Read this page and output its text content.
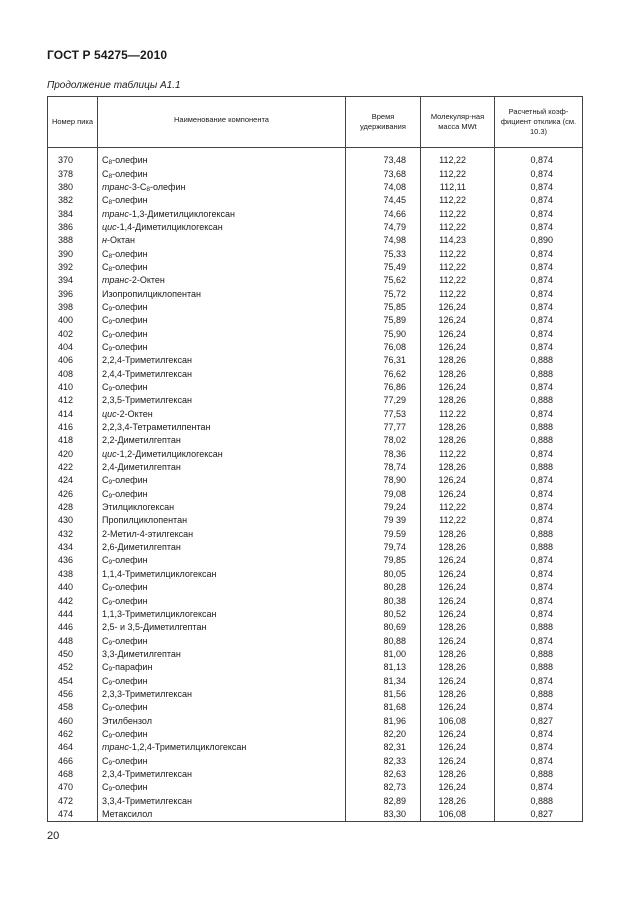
ГОСТ Р 54275—2010
Продолжение таблицы А1.1
Номер пика	Наименование компонента	Время удерживания	Молекуляр-ная масса MWt	Расчетный коэф-фициент отклика (см. 10.3)

370	$C_8$-олефин	73,48	112,22	0,874
378	$C_8$-олефин	73,68	112,22	0,874
380	транс-$3-C_8$-олефин	74,08	112,11	0,874
382	$C_8$-олефин	74,45	112,22	0,874
384	транс-1,3-Диметилциклогексан	74,66	112,22	0,874
386	цис-1,4-Диметилциклогексан	74,79	112,22	0,874
388	н-Октан	74,98	114,23	0,890
390	$C_8$-олефин	75,33	112,22	0,874
392	$C_8$-олефин	75,49	112,22	0,874
394	транс-2-Октен	75,62	112,22	0,874
396	Изопропилциклопентан	75,72	112,22	0,874
398	$C_9$-олефин	75,85	126,24	0,874
400	$C_9$-олефин	75,89	126,24	0,874
402	$C_9$-олефин	75,90	126,24	0,874
404	$C_9$-олефин	76,08	126,24	0,874
406	2,2,4-Триметилгексан	76,31	128,26	0,888
408	2,4,4-Триметилгексан	76,62	128,26	0,888
410	$C_9$-олефин	76,86	126,24	0,874
412	2,3,5-Триметилгексан	77,29	128,26	0,888
414	цис-2-Октен	77,53	112.22	0,874
416	2,2,3,4-Тетраметилпентан	77,77	128,26	0,888
418	2,2-Диметилгептан	78,02	128,26	0,888
420	цис-1,2-Диметилциклогексан	78,36	112,22	0,874
422	2,4-Диметилгептан	78,74	128,26	0,888
424	$C_9$-олефин	78,90	126,24	0,874
426	$C_9$-олефин	79,08	126,24	0,874
428	Этилциклогексан	79,24	112,22	0,874
430	Пропилциклопентан	79 39	112,22	0,874
432	2-Метил-4-этилгексан	79.59	128,26	0,888
434	2,6-Диметилгептан	79,74	128,26	0,888
436	$C_9$-олефин	79,85	126,24	0,874
438	1,1,4-Триметилциклогексан	80,05	126,24	0,874
440	$C_9$-олефин	80,28	126,24	0,874
442	$C_9$-олефин	80,38	126,24	0,874
444	1,1,3-Триметилциклогексан	80,52	126,24	0,874
446	2,5- и 3,5-Диметилгептан	80,69	128,26	0,888
448	$C_9$-олефин	80,88	126,24	0,874
450	3,3-Диметилгептан	81,00	128,26	0,888
452	$C_9$-парафин	81,13	128,26	0,888
454	$C_9$-олефин	81,34	126,24	0,874
456	2,3,3-Триметилгексан	81,56	128,26	0,888
458	$C_9$-олефин	81,68	126,24	0,874
460	Этилбензол	81,96	106,08	0,827
462	$C_9$-олефин	82,20	126,24	0,874
464	транс-1,2,4-Триметилциклогексан	82,31	126,24	0,874
466	$C_9$-олефин	82,33	126,24	0,874
468	2,3,4-Триметилгексан	82,63	128,26	0,888
470	$C_9$-олефин	82,73	126,24	0,874
472	3,3,4-Триметилгексан	82,89	128,26	0,888
474	Метаксилол	83,30	106,08	0,827
20
